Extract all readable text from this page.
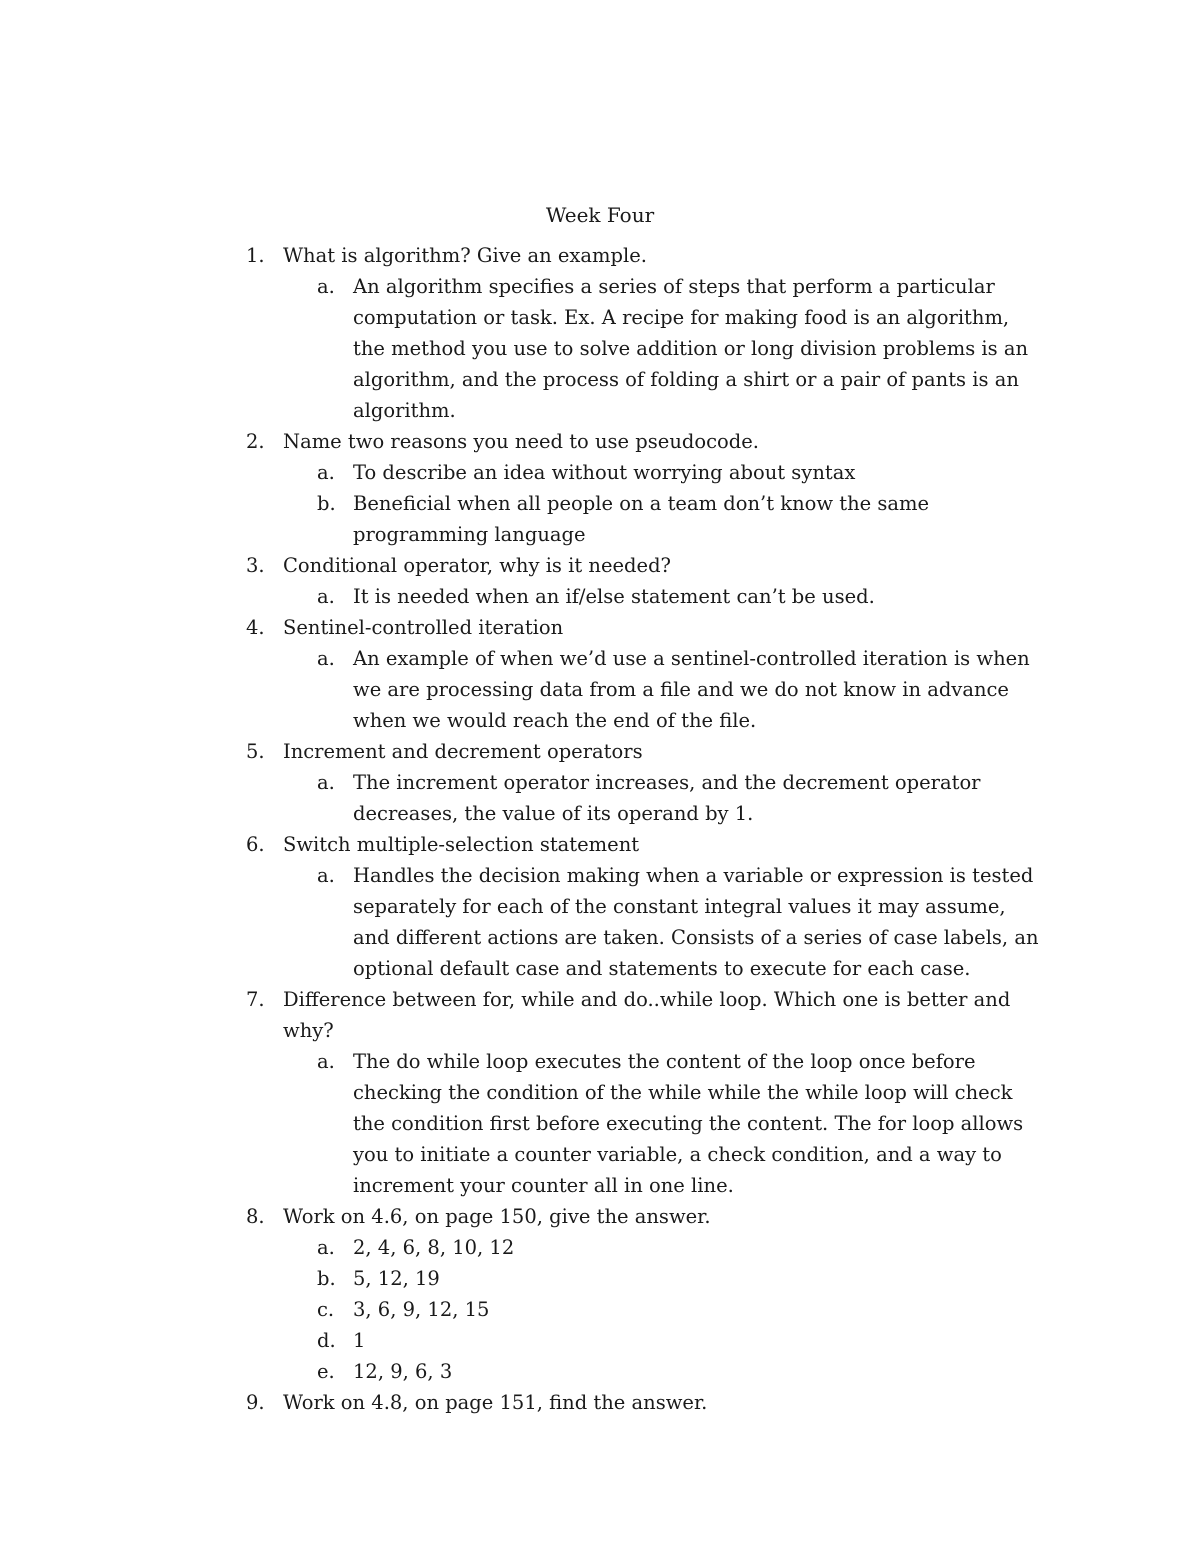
Week Four
1. What is algorithm? Give an example.
a. An algorithm specifies a series of steps that perform a particular computation or task. Ex. A recipe for making food is an algorithm, the method you use to solve addition or long division problems is an algorithm, and the process of folding a shirt or a pair of pants is an algorithm.
2. Name two reasons you need to use pseudocode.
a. To describe an idea without worrying about syntax
b. Beneficial when all people on a team don’t know the same programming language
3. Conditional operator, why is it needed?
a. It is needed when an if/else statement can’t be used.
4. Sentinel-controlled iteration
a. An example of when we’d use a sentinel-controlled iteration is when we are processing data from a file and we do not know in advance when we would reach the end of the file.
5. Increment and decrement operators
a. The increment operator increases, and the decrement operator decreases, the value of its operand by 1.
6. Switch multiple-selection statement
a. Handles the decision making when a variable or expression is tested separately for each of the constant integral values it may assume, and different actions are taken. Consists of a series of case labels, an optional default case and statements to execute for each case.
7. Difference between for, while and do..while loop. Which one is better and why?
a. The do while loop executes the content of the loop once before checking the condition of the while while the while loop will check the condition first before executing the content. The for loop allows you to initiate a counter variable, a check condition, and a way to increment your counter all in one line.
8. Work on 4.6, on page 150, give the answer.
a. 2, 4, 6, 8, 10, 12
b. 5, 12, 19
c. 3, 6, 9, 12, 15
d. 1
e. 12, 9, 6, 3
9. Work on 4.8, on page 151, find the answer.
